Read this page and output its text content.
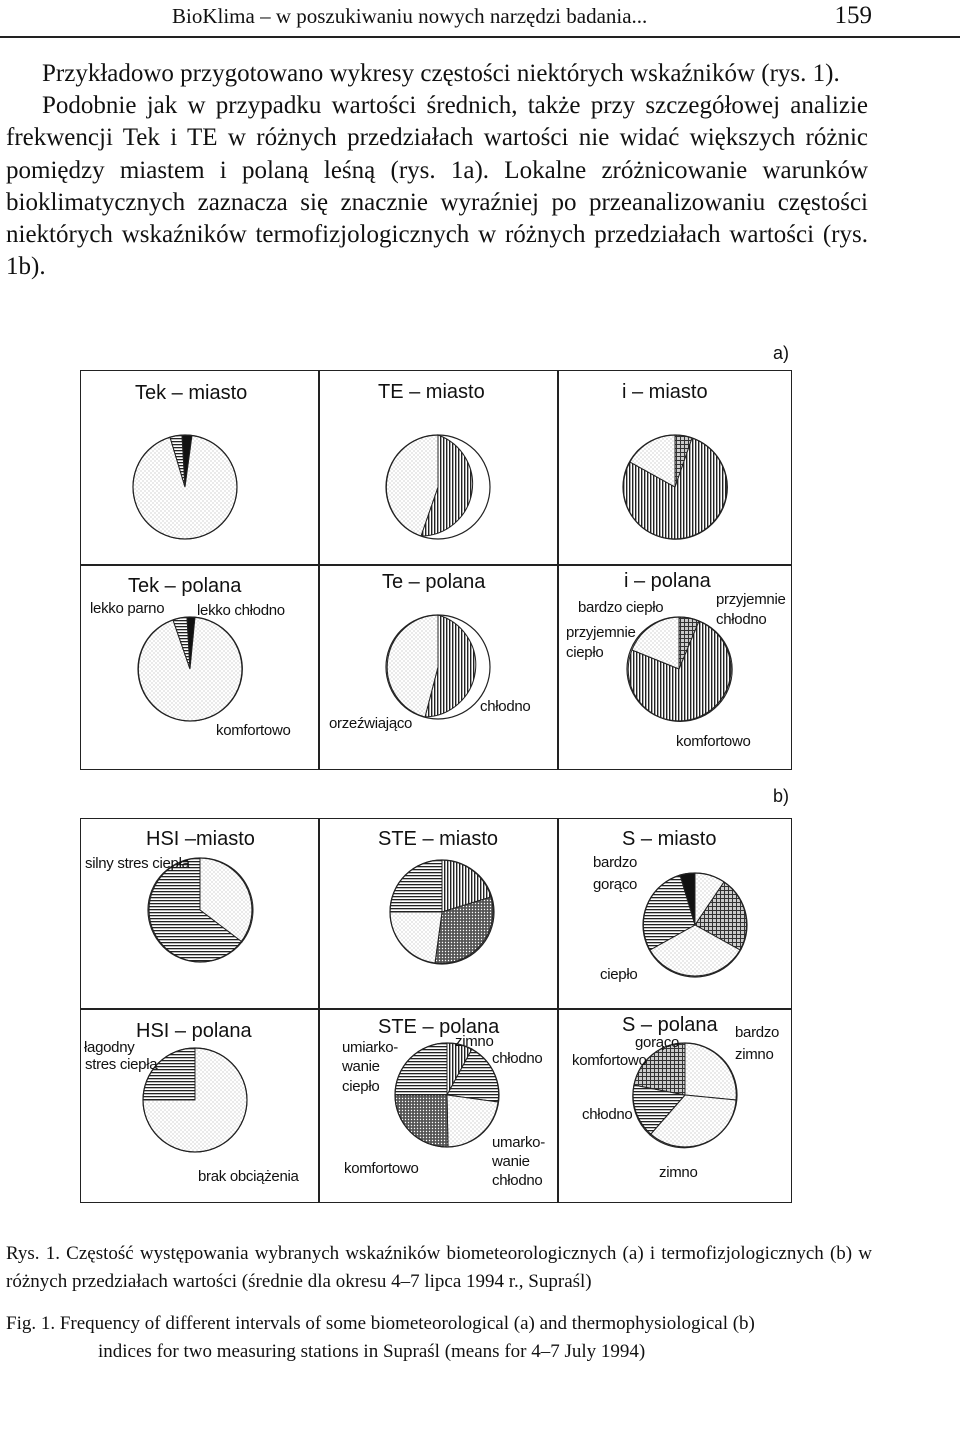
BioKlima – w poszukiwaniu nowych narzędzi badania...	159

Przykładowo przygotowano wykresy częstości niektórych wskaźników (rys. 1).

Podobnie jak w przypadku wartości średnich, także przy szczegółowej analizie frekwencji Tek i TE w różnych przedziałach wartości nie widać większych różnic pomiędzy miastem i polaną leśną (rys. 1a). Lokalne zróżnicowanie warunków bioklimatycznych zaznacza się znacznie wyraźniej po przeanalizowaniu częstości niektórych wskaźników termofizjologicznych w różnych przedziałach wartości (rys. 1b).

a)
b)
Tek – miasto	TE – miasto	i – miasto
Tek – polana	Te – polana	i – polana
lekko parno lekko chłodno
komfortowo
chłodno
orzeźwiająco
bardzo ciepło	przyjemnie
chłodno
przyjemnie
ciepło
komfortowo
HSI –miasto	STE – miasto	S – miasto
HSI – polana	STE – polana	S – polana
silny stres ciepła	bardzo
gorąco
ciepło
łagodny
stres ciepła
brak obciążenia
umiarko-
wanie
ciepło
zimno
chłodno
umarko-
wanie
chłodno
komfortowo
bardzo
zimno
gorąco
komfortowo
chłodno
zimno
Rys. 1. Częstość występowania wybranych wskaźników biometeorologicznych (a) i termofizjologicznych (b) w różnych przedziałach wartości (średnie dla okresu 4–7 lipca 1994 r., Supraśl)
Fig. 1. Frequency of different intervals of some biometeorological (a) and thermophysiological (b)
indices for two measuring stations in Supraśl (means for 4–7 July 1994)
